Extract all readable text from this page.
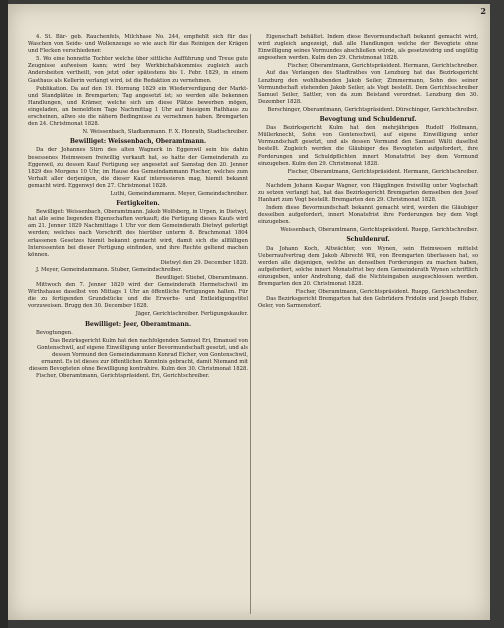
2

4. St. Bär- geb. Rauchenfels, Milchhase No. 244, empfiehlt sich für das Waschen von Seide- und Wollenzeuge so wie auch für das Reinigen der Krägen und Flecken verschiedener.

5. Wo eine honnette Tochter welche über sittliche Aufführung und Treue gute Zeugnisse aufweisen kann; wird bey Werkbichafskommiss zugleich auch Andersbeiten vertheilt, von jetzt oder spätestens bis 1. Febr. 1829, in einem Gasthaus als Kellerin verlangt wird, ist die Redaktion zu vernehmen.

Publikation. Da auf den 19. Hornung 1829 ein Wiederverdigung der Markt- und Standplätze in Bremgarten; Tag angesetzt ist; so werden alle bekennen Handlungen, und Krämer, welche sich um diese Plätze bewerben mögen, eingeladen, an bemeldtem Tage Nachmittag 1 Uhr auf hiesigem Rathhaus zu erscheinen, allwo sie die nähern Bedingnisse zu vernehmen haben. Bremgarten den 24. Christmonat 1828.

N. Weissenbach, Stadtammann. F. X. Honrath, Stadtschreiber.

Bewilliget: Weissenbach, Oberamtmann.

Da der Johannes Stirn des alten Wagnerk in Eggenwil sein bis dahin besessenes Heimwesen freiwillig verkauft hat, so hatte der Gemeinderath zu Eggenwil, zu dessen Kauf Fertigung sey angesetzt auf Samstag den 20. Jenner 1829 des Morgens 10 Uhr, im Hause des Gemeindammann Fischer, welches zum Verhalt aller derjenigen, die dieser Kauf interessieren mag, hiemit bekannt gemacht wird. Eggenwyl den 27. Christmonat 1828.

Luthi, Gemeindammann. Meyer, Gemeindschreiber.

Fertigkeiten.

Bewilliget: Weissenbach, Oberamtmann. Jakob Wolfsberg, in Urpen, in Dietwyl, hat alle seine liegenden Eigenschaften verkauft; die Fertigung dieses Kaufs wird am 21. Jenner 1829 Nachmittags 1 Uhr vor dem Gemeinderath Dietwyl gefertigt werden; welches nach Vorschrift des hierüber unterm 8. Brachmonat 1804 erlassenen Gesetzes hiemit bekannt gemacht wird, damit sich die allfälligen Interessenten bei dieser Fertigung einfinden, und ihre Rechte geltend machen können.

Dietwyl den 29. December 1828.

J. Meyer, Gemeindammann. Stuber, Gemeindschreiber.

Bewilliget: Stiebel, Oberamtmann.

Mittwoch den 7. Jenner 1829 wird der Gemeinderath Hermetschwil im Wirthshause daselbst von Mittags 1 Uhr an öffentliche Fertigungen halten. Für die zu fertigenden Grundstücke und die Erwerbs- und Entleidigungstitel vorzuweisen. Brugg den 30. December 1828.

Jäger, Gerichtschreiber. Fertigungskaufer.

Bewilliget: Jeer, Oberamtmann.

Bevogtungen.

Das Bezirksgericht Kulm hat den nachfolgenden Samuel Eri, Emanuel von Gontenschwil, auf eigene Einwilligung unter Bevormundschaft gesetzt, und als dessen Vormund den Gemeindammann Konrad Eicher, von Gontenschwil, ernannt. Es ist dieses zur öffentlichen Kenntnis gebracht, damit Niemand mit diesem Bevogteten ohne Bewilligung kontrahire. Kulm den 30. Christmonat 1828.

Fischer, Oberamtmann, Gerichtspräsident. Eri, Gerichtschreiber.

Eigenschaft behältet. Indem diese Bevormundschaft bekannt gemacht wird, wird zugleich angezeigt, daß alle Handlungen welche der Bevogtete ohne Einwilligung seines Vormundes abschließen würde, als gesetzwidrig und ungültig angesehen werden. Kulm den 29. Christmonat 1828.

Fischer, Oberamtmann, Gerichtspräsident. Hermann, Gerichtschreiber.

Auf das Verlangen des Stadtrathes von Lenzburg hat das Bezirksgericht Lenzburg den wohlhabenden Jakob Seiler, Zimmermann, Sohn des seiner Vormundschaft stehenden Jakob Seiler, als Vogt bestellt. Dem Gerichtsschreiber Samuel Seiler, Sattler, von da zum Beistand verordnet. Lenzburg den 30. Dezember 1828.

Berschinger, Oberamtmann, Gerichtspräsident. Dürschinger, Gerichtschreiber.

Bevogtung und Schuldenruf.

Das Bezirksgericht Kulm hat den mehrjährigen Rudolf Hollmann, Müllerknecht, Sohn von Gontenschwil, auf eigene Einwilligung unter Vormundschaft gesetzt, und als dessen Vormund den Samuel Wälti daselbst bestellt. Zugleich werden die Gläubiger des Bevogteten aufgefordert, ihre Forderungen und Schuldpflichten innert Monatsfrist bey dem Vormund einzugeben. Kulm den 29. Christmonat 1828.

Fischer, Oberamtmann, Gerichtspräsident. Hermann, Gerichtschreiber.

Nachdem Johann Kaspar Wagner, von Hägglingen freiwillig unter Vogtschaft zu setzen verlangt hat, hat das Bezirksgericht Bremgarten demselben den Josef Hanhart zum Vogt bestellt. Bremgarten den 29. Christmonat 1828.

Indem diese Bevormundschaft bekannt gemacht wird, werden die Gläubiger desselben aufgefordert, innert Monatsfrist ihre Forderungen bey dem Vogt einzugeben.

Weissenbach, Oberamtmann, Gerichtspräsident. Ruepp, Gerichtschreiber.

Schuldenruf.

Da Johann Koch, Altwächter, von Wynen, sein Heimwesen mittelst Ueberraufvertrag dem Jakob Albrecht Wil, von Bremgarten überlassen hat, so werden alle diejenigen, welche an denselben Forderungen zu machen haben, aufgefordert, solche innert Monatsfrist bey dem Gemeinderath Wynen schriftlich einzugeben, unter Androhung, daß die Nichteingaben ausgeschlossen werden. Bremgarten den 20. Christmonat 1828.

Fischer, Oberamtmann, Gerichtspräsident. Ruepp, Gerichtschreiber.

Das Bezirksgericht Bremgarten hat den Gebrüdern Fridolin und Joseph Huber, Oeler, von Sarmenstorf.
